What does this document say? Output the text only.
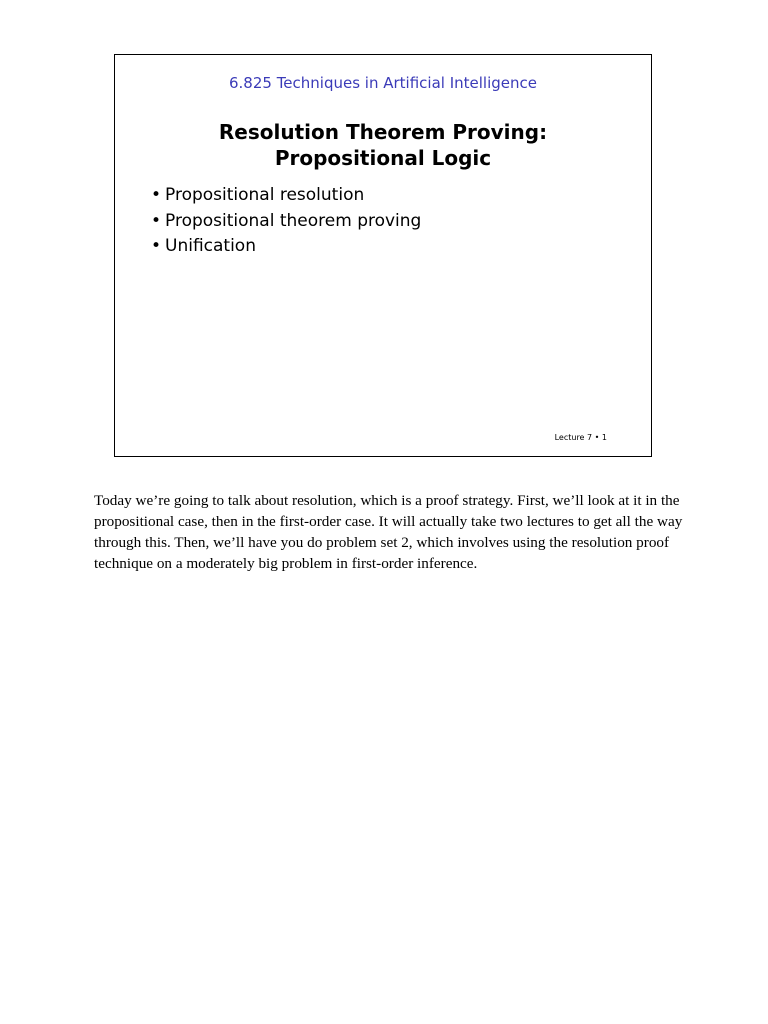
6.825 Techniques in Artificial Intelligence
Resolution Theorem Proving:
Propositional Logic
• Propositional resolution
• Propositional theorem proving
• Unification
Lecture 7 • 1

Today we’re going to talk about resolution, which is a proof strategy. First, we’ll look at it in the propositional case, then in the first-order case. It will actually take two lectures to get all the way through this. Then, we’ll have you do problem set 2, which involves using the resolution proof technique on a moderately big problem in first-order inference.
